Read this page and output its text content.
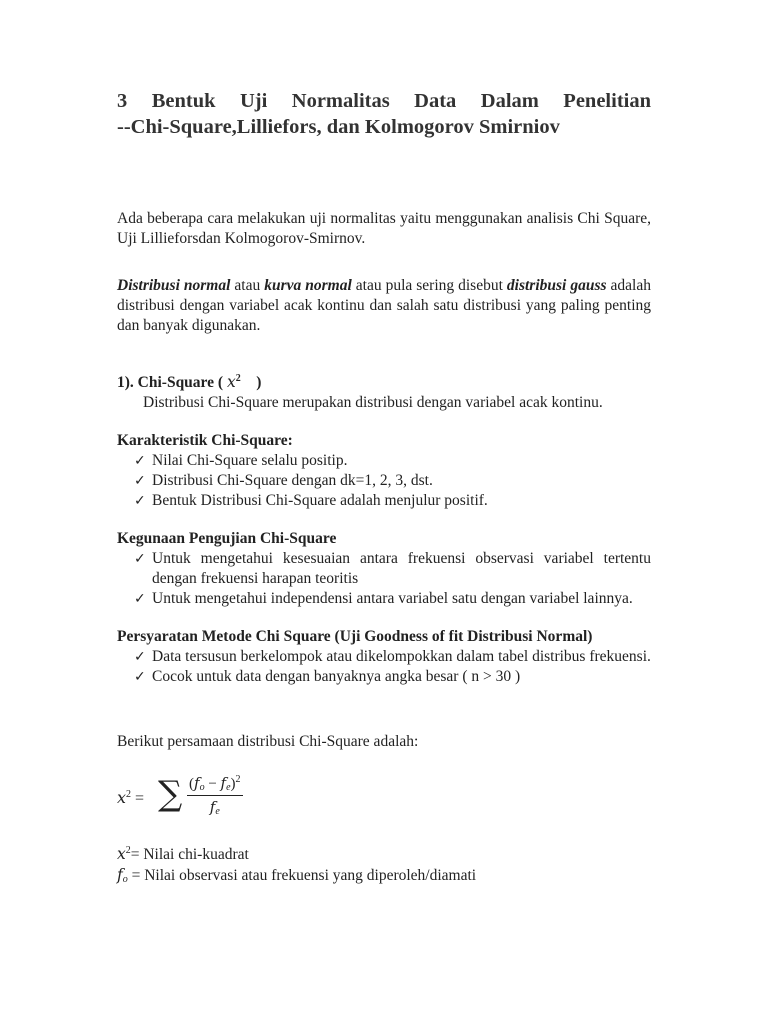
3 Bentuk Uji Normalitas Data Dalam Penelitian
--Chi-Square,Lilliefors, dan Kolmogorov Smirniov

Ada beberapa cara melakukan uji normalitas yaitu menggunakan analisis Chi Square, Uji Lillieforsdan Kolmogorov-Smirnov.

Distribusi normal atau kurva normal atau pula sering disebut distribusi gauss adalah distribusi dengan variabel acak kontinu dan salah satu distribusi yang paling penting dan banyak digunakan.

1). Chi-Square ( $x^2$    )

Distribusi Chi-Square merupakan distribusi dengan variabel acak kontinu.

Karakteristik Chi-Square:

✓ Nilai Chi-Square selalu positip.
✓ Distribusi Chi-Square dengan dk=1, 2, 3, dst.
✓ Bentuk Distribusi Chi-Square adalah menjulur positif.

Kegunaan Pengujian Chi-Square

✓ Untuk mengetahui kesesuaian antara frekuensi observasi variabel tertentu dengan frekuensi harapan teoritis
✓ Untuk mengetahui independensi antara variabel satu dengan variabel lainnya.

Persyaratan Metode Chi Square (Uji Goodness of fit Distribusi Normal)

✓ Data tersusun berkelompok atau dikelompokkan dalam tabel distribus frekuensi.
✓ Cocok untuk data dengan banyaknya angka besar ( n > 30 )

Berikut persamaan distribusi Chi-Square adalah:

$x^2$ = ∑ $\frac{(f_o - f_e)^2}{f_e}$

$x^2=$ Nilai chi-kuadrat

$f_o$ = Nilai observasi atau frekuensi yang diperoleh/diamati
